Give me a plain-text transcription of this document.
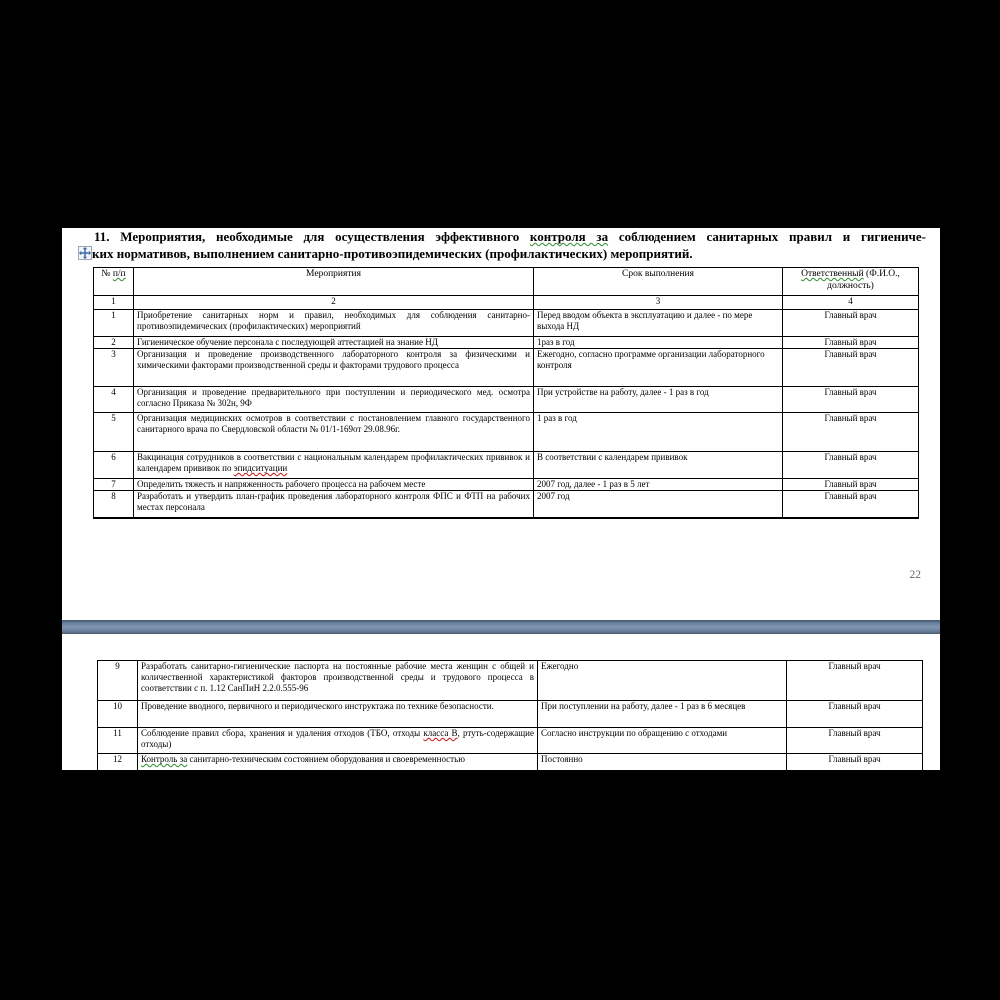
11. Мероприятия, необходимые для осуществления эффективного контроля за соблюдением санитарных правил и гигиениче-
ких нормативов, выполнением санитарно-противоэпидемических (профилактических) мероприятий.
№ п/п	Мероприятия	Срок выполнения	Ответственный (Ф.И.О., должность)
1	2	3	4
1	Приобретение санитарных норм и правил, необходимых для соблюдения санитарно-противоэпидемических (профилактических) мероприятий	Перед вводом объекта в эксплуатацию и далее - по мере выхода НД	Главный врач
2	Гигиеническое обучение персонала с последующей аттестацией на знание НД	1раз в год	Главный врач
3	Организация и проведение производственного лабораторного контроля за физическими и химическими факторами производственной среды и факторами трудового процесса	Ежегодно, согласно программе организации лабораторного контроля	Главный врач
4	Организация и проведение предварительного при поступлении и периодического мед. осмотра согласно Приказа № 302н, 9Ф	При устройстве на работу, далее - 1 раз в год	Главный врач
5	Организация медицинских осмотров в соответствии с постановлением главного государственного санитарного врача по Свердловской области № 01/1-169от 29.08.96г.	1 раз в год	Главный врач
6	Вакцинация сотрудников в соответствии с национальным календарем профилактических прививок и календарем прививок по эпидситуации	В соответствии с календарем прививок	Главный врач
7	Определить тяжесть и напряженность рабочего процесса на рабочем месте	2007 год, далее - 1 раз в 5 лет	Главный врач
8	Разработать и утвердить план-график проведения лабораторного контроля ФПС и ФТП на рабочих местах персонала	2007 год	Главный врач
22
9	Разработать санитарно-гигиенические паспорта на постоянные рабочие места женщин с общей и количественной характеристикой факторов производственной среды и трудового процесса в соответствии с п. 1.12 СанПиН 2.2.0.555-96	Ежегодно	Главный врач
10	Проведение вводного, первичного и периодического инструктажа по технике безопасности.	При поступлении на работу, далее - 1 раз в 6 месяцев	Главный врач
11	Соблюдение правил сбора, хранения и удаления отходов (ТБО, отходы класса В, ртуть-содержащие отходы)	Согласно инструкции по обращению с отходами	Главный врач
12	Контроль за санитарно-техническим состоянием оборудования и своевременностью	Постоянно	Главный врач
